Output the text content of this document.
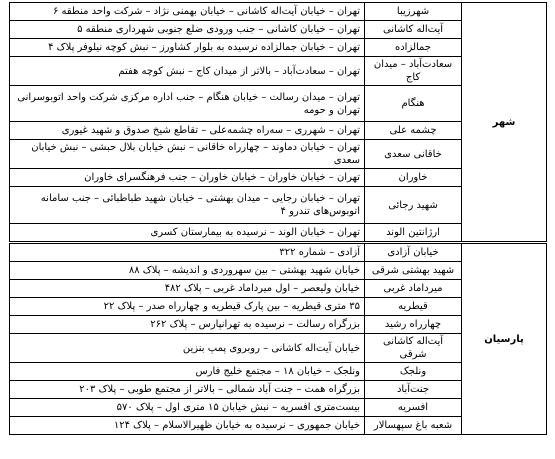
شهر	شهرزیبا	تهران – خیابان آیت‌اله کاشانی – خیابان بهمنی نژاد – شرکت واحد منطقه ۶
	آیت‌اله کاشانی	تهران – خیابان کاشانی – جنب ورودی ضلع جنوبی شهرداری منطقه ۵
	جمالزاده	تهران – خیابان جمالزاده نرسیده به بلوار کشاورز – نبش کوچه نیلوفر پلاک ۴
	سعادت‌آباد – میدان کاج	تهران – سعادت‌آباد – بالاتر از میدان کاج – نبش کوچه هفتم
	هنگام	تهران – میدان رسالت – خیابان هنگام – جنب اداره مرکزی شرکت واحد اتوبوسرانی تهران و حومه
	چشمه علی	تهران – شهرری – سه‌راه چشمه‌علی – تقاطع شیخ صدوق و شهید غیوری
	خاقانی سعدی	تهران – خیابان دماوند – چهارراه خاقانی – نبش خیابان بلال حبشی – نبش خیابان سعدی
	خاوران	تهران – خیابان خاوران – خیابان خاوران – جنب فرهنگسرای خاوران
	شهید رجائی	تهران – خیابان رجایی – میدان بهشتی – خیابان شهید طباطبائی – جنب سامانه اتوبوس‌های تندرو ۴
	ارژانتین الوند	تهران – خیابان الوند – نرسیده به بیمارستان کسری
پارسیان	خیابان آزادی	آزادی – شماره ۳۲۲
	شهید بهشتی شرقی	خیابان شهید بهشتی – بین سهروردی و اندیشه – پلاک ۸۸
	میرداماد غربی	خیابان ولیعصر – اول میرداماد غربی – پلاک ۴۸۲
	قیطریه	۳۵ متری قیطریه – بین پارک قیطریه و چهارراه صدر – پلاک ۲۲
	چهارراه رشید	بزرگراه رسالت – نرسیده به تهرانپارس – پلاک ۲۶۲
	آیت‌اله کاشانی شرقی	خیابان آیت‌اله کاشانی – روبروی پمپ بنزین
	ونلجک	ونلجک – خیابان ۱۸ – مجتمع خلیج فارس
	جنت‌آباد	بزرگراه همت – جنت آباد شمالی – بالاتر از مجتمع طوبی – پلاک ۲۰۳
	افسریه	بیست‌متری افسریه – نبش خیابان ۱۵ متری اول – پلاک ۵۷۰
	شعبه باغ سپهسالار	خیابان جمهوری – نرسیده به خیابان ظهیرالاسلام – پلاک ۱۲۴
